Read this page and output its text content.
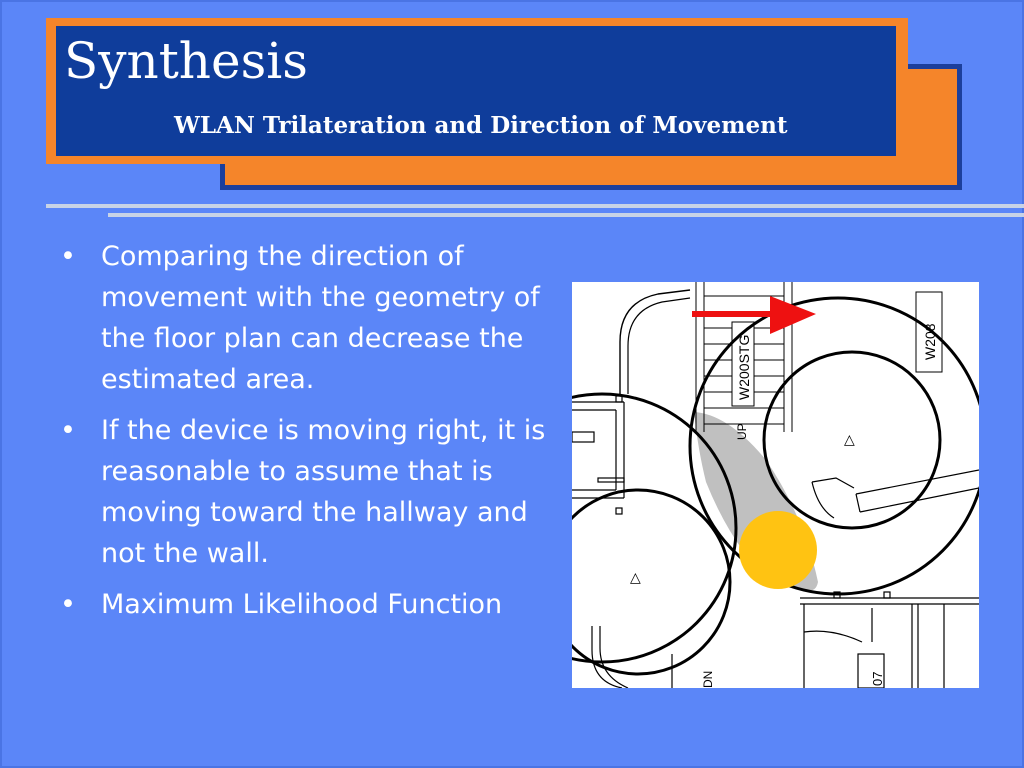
Synthesis
WLAN Trilateration and Direction of Movement
• Comparing the direction of movement with the geometry of the floor plan can decrease the estimated area.
• If the device is moving right, it is reasonable to assume that is moving toward the hallway and not the wall.
• Maximum Likelihood Function
W200STG
UP
W208
DN	07
△
△
